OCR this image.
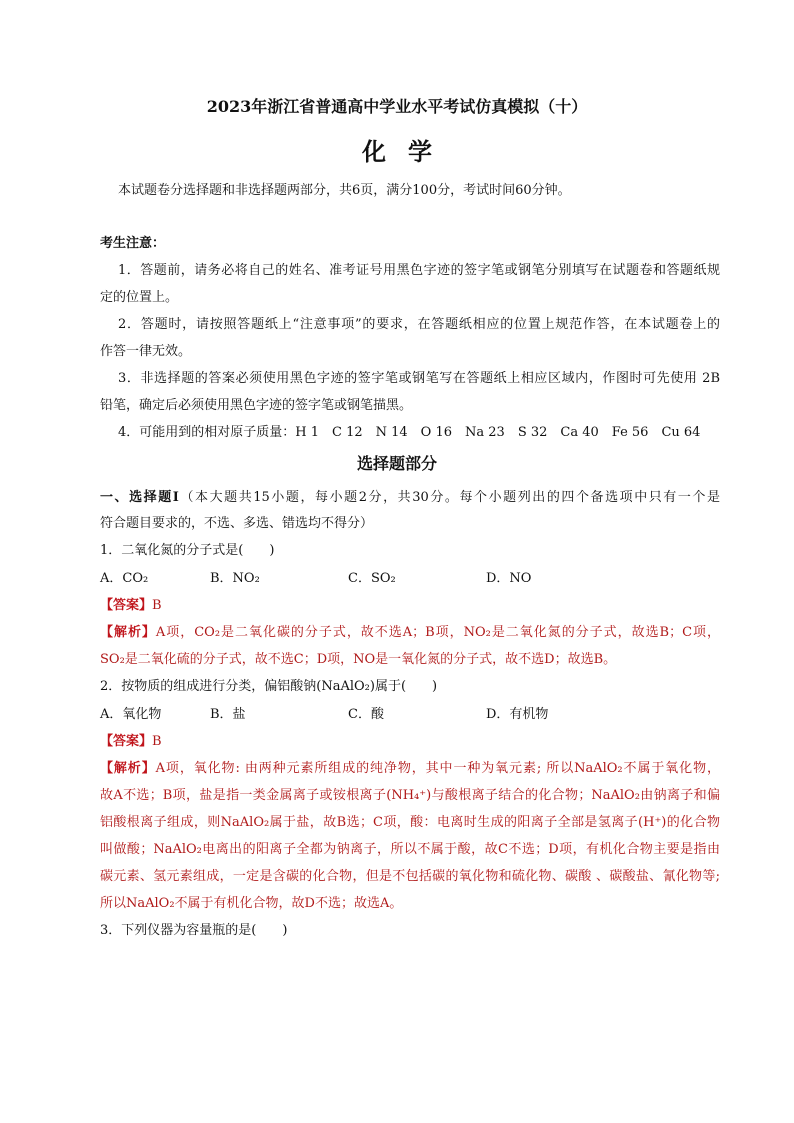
2023年浙江省普通高中学业水平考试仿真模拟（十）
化学
本试题卷分选择题和非选择题两部分，共6页，满分100分，考试时间60分钟。
考生注意：
1．答题前，请务必将自己的姓名、准考证号用黑色字迹的签字笔或钢笔分别填写在试题卷和答题纸规
定的位置上。
2．答题时，请按照答题纸上“注意事项”的要求，在答题纸相应的位置上规范作答，在本试题卷上的
作答一律无效。
3．非选择题的答案必须使用黑色字迹的签字笔或钢笔写在答题纸上相应区域内，作图时可先使用 2B
铅笔，确定后必须使用黑色字迹的签字笔或钢笔描黑。
4．可能用到的相对原子质量：H 1　C 12　N 14　O 16　Na 23　S 32　Ca 40　Fe 56　Cu 64
选择题部分
一、选择题Ⅰ（本大题共15小题，每小题2分，共30分。每个小题列出的四个备选项中只有一个是
符合题目要求的，不选、多选、错选均不得分）
1．二氧化氮的分子式是(　　)
A．CO₂	B．NO₂	C．SO₂	D．NO
【答案】B
【解析】A项，CO₂是二氧化碳的分子式，故不选A；B项，NO₂是二氧化氮的分子式，故选B；C项，
SO₂是二氧化硫的分子式，故不选C；D项，NO是一氧化氮的分子式，故不选D；故选B。
2．按物质的组成进行分类，偏铝酸钠(NaAlO₂)属于(　　)
A．氧化物	B．盐	C．酸	D．有机物
【答案】B
【解析】A项，氧化物: 由两种元素所组成的纯净物，其中一种为氧元素; 所以NaAlO₂不属于氧化物，
故A不选；B项，盐是指一类金属离子或铵根离子(NH₄⁺)与酸根离子结合的化合物；NaAlO₂由钠离子和偏
铝酸根离子组成，则NaAlO₂属于盐，故B选；C项，酸：电离时生成的阳离子全部是氢离子(H⁺)的化合物
叫做酸；NaAlO₂电离出的阳离子全都为钠离子，所以不属于酸，故C不选；D项，有机化合物主要是指由
碳元素、氢元素组成，一定是含碳的化合物，但是不包括碳的氧化物和硫化物、碳酸 、碳酸盐、氰化物等;
所以NaAlO₂不属于有机化合物，故D不选；故选A。
3．下列仪器为容量瓶的是(　　)
